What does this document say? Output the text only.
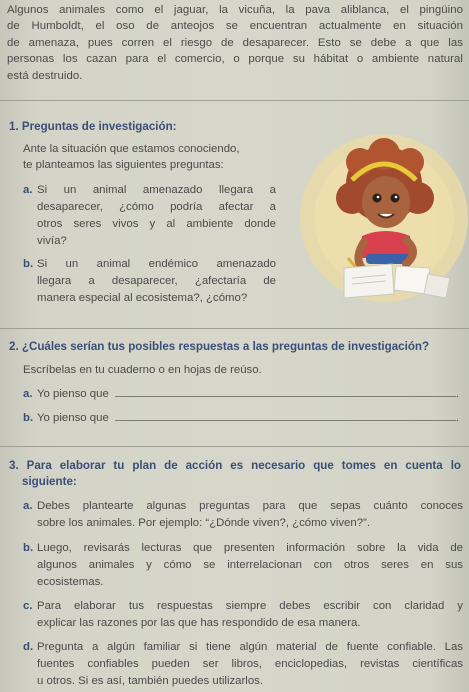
Algunos animales como el jaguar, la vicuña, la pava aliblanca, el pingüino
de Humboldt, el oso de anteojos se encuentran actualmente en situación
de amenaza, pues corren el riesgo de desaparecer. Esto se debe a que las
personas los cazan para el comercio, o porque su hábitat o ambiente natural
está destruido.
1. Preguntas de investigación:
Ante la situación que estamos conociendo,
te planteamos las siguientes preguntas:
a. Si un animal amenazado llegara a
desaparecer, ¿cómo podría afectar a
otros seres vivos y al ambiente donde
vivía?
b. Si un animal endémico amenazado
llegara a desaparecer, ¿afectaría de
manera especial al ecosistema?, ¿cómo?
2. ¿Cuáles serían tus posibles respuestas a las preguntas de investigación?
Escríbelas en tu cuaderno o en hojas de reúso.
a. Yo pienso que	.
b. Yo pienso que	.
3. Para elaborar tu plan de acción es necesario que tomes en cuenta lo
siguiente:
a. Debes plantearte algunas preguntas para que sepas cuánto conoces
sobre los animales. Por ejemplo: “¿Dónde viven?, ¿cómo viven?”.
b. Luego, revisarás lecturas que presenten información sobre la vida de
algunos animales y cómo se interrelacionan con otros seres en sus
ecosistemas.
c. Para elaborar tus respuestas siempre debes escribir con claridad y
explicar las razones por las que has respondido de esa manera.
d. Pregunta a algún familiar si tiene algún material de fuente confiable. Las
fuentes confiables pueden ser libros, enciclopedias, revistas científicas
u otros. Si es así, también puedes utilizarlos.
